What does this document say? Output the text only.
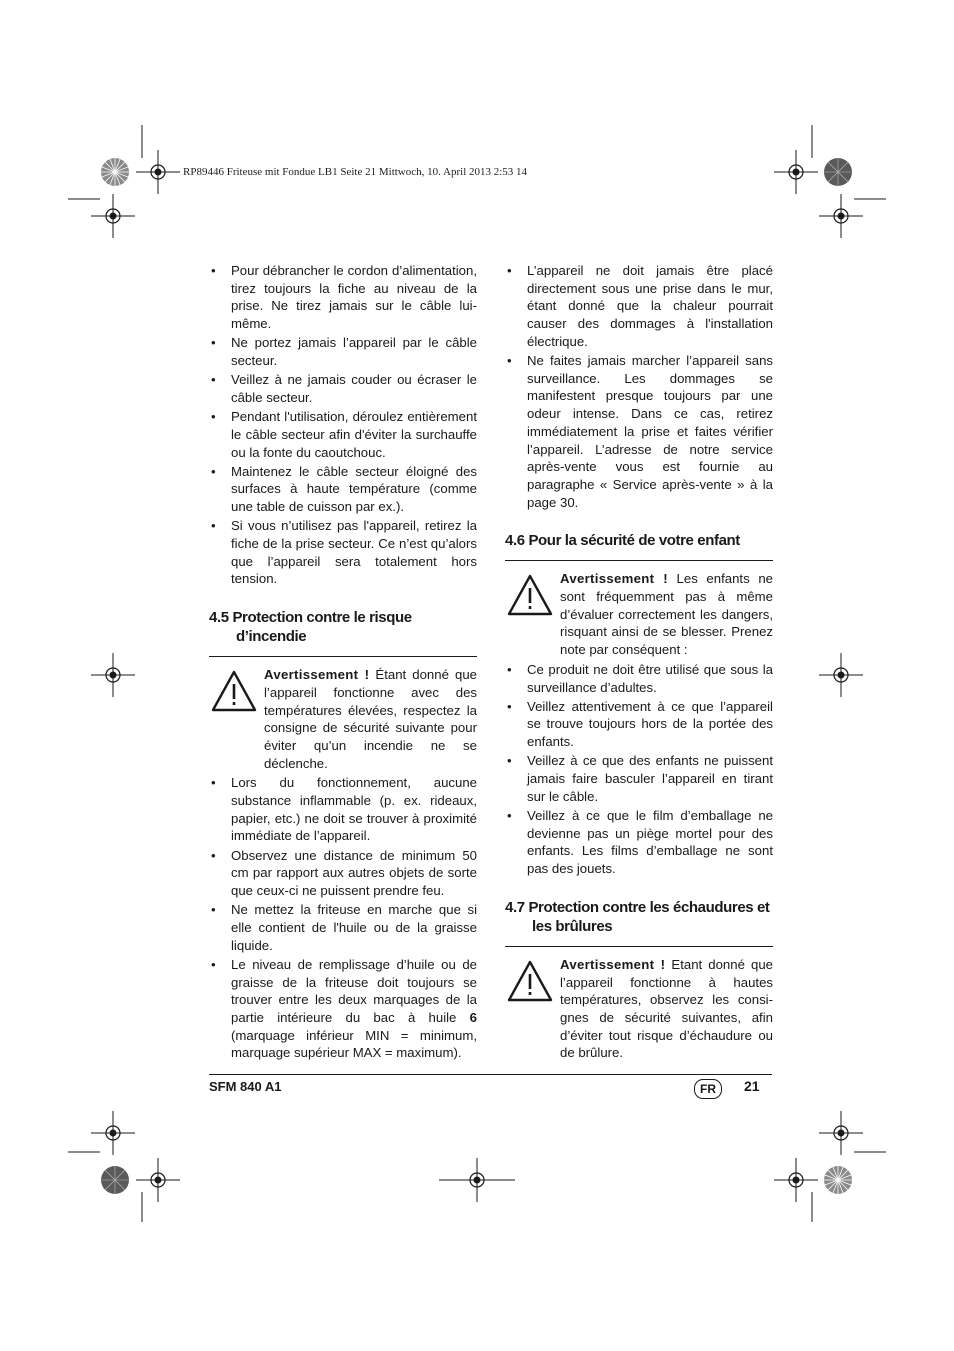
RP89446 Friteuse mit Fondue LB1 Seite 21 Mittwoch, 10. April 2013 2:53 14
• Pour débrancher le cordon d’alimentation, tirez toujours la fiche au niveau de la prise. Ne tirez jamais sur le câble lui-même.
• Ne portez jamais l’appareil par le câble secteur.
• Veillez à ne jamais couder ou écraser le câble secteur.
• Pendant l'utilisation, déroulez entièrement le câble secteur afin d'éviter la surchauffe ou la fonte du caoutchouc.
• Maintenez le câble secteur éloigné des surfaces à haute température (comme une table de cuisson par ex.).
• Si vous n’utilisez pas l'appareil, retirez la fiche de la prise secteur. Ce n’est qu’alors que l’appareil sera totalement hors tension.
4.5 Protection contre le risque
d’incendie
Avertissement ! Étant donné que l’appareil fonctionne avec des températures élevées, respectez la consigne de sécurité suivante pour éviter qu’un incendie ne se déclenche.
• Lors du fonctionnement, aucune substance inflammable (p. ex. rideaux, papier, etc.) ne doit se trouver à proximité immédiate de l’appareil.
• Observez une distance de minimum 50 cm par rapport aux autres objets de sorte que ceux-ci ne puissent prendre feu.
• Ne mettez la friteuse en marche que si elle contient de l'huile ou de la graisse liquide.
• Le niveau de remplissage d’huile ou de graisse de la friteuse doit toujours se trouver entre les deux marquages de la partie intérieure du bac à huile 6 (marquage inférieur MIN = minimum, marquage supérieur MAX = maximum).
• L’appareil ne doit jamais être placé directement sous une prise dans le mur, étant donné que la chaleur pourrait causer des dommages à l'installation électrique.
• Ne faites jamais marcher l’appareil sans surveillance. Les dommages se manifestent presque toujours par une odeur intense. Dans ce cas, retirez immédiatement la prise et faites vérifier l’appareil. L’adresse de notre service après-vente vous est fournie au paragraphe « Service après-vente » à la page 30.
4.6 Pour la sécurité de votre enfant
Avertissement ! Les enfants ne sont fréquemment pas à même d’évaluer correctement les dangers, risquant ainsi de se blesser. Prenez note par conséquent :
• Ce produit ne doit être utilisé que sous la surveillance d’adultes.
• Veillez attentivement à ce que l’appareil se trouve toujours hors de la portée des enfants.
• Veillez à ce que des enfants ne puissent jamais faire basculer l’appareil en tirant sur le câble.
• Veillez à ce que le film d’emballage ne devienne pas un piège mortel pour des enfants. Les films d’emballage ne sont pas des jouets.
4.7 Protection contre les échaudures et
les brûlures
Avertissement ! Etant donné que l’appareil fonctionne à hautes températures, observez les consi-gnes de sécurité suivantes, afin d’éviter tout risque d’échaudure ou de brûlure.
SFM 840 A1	FR	21
